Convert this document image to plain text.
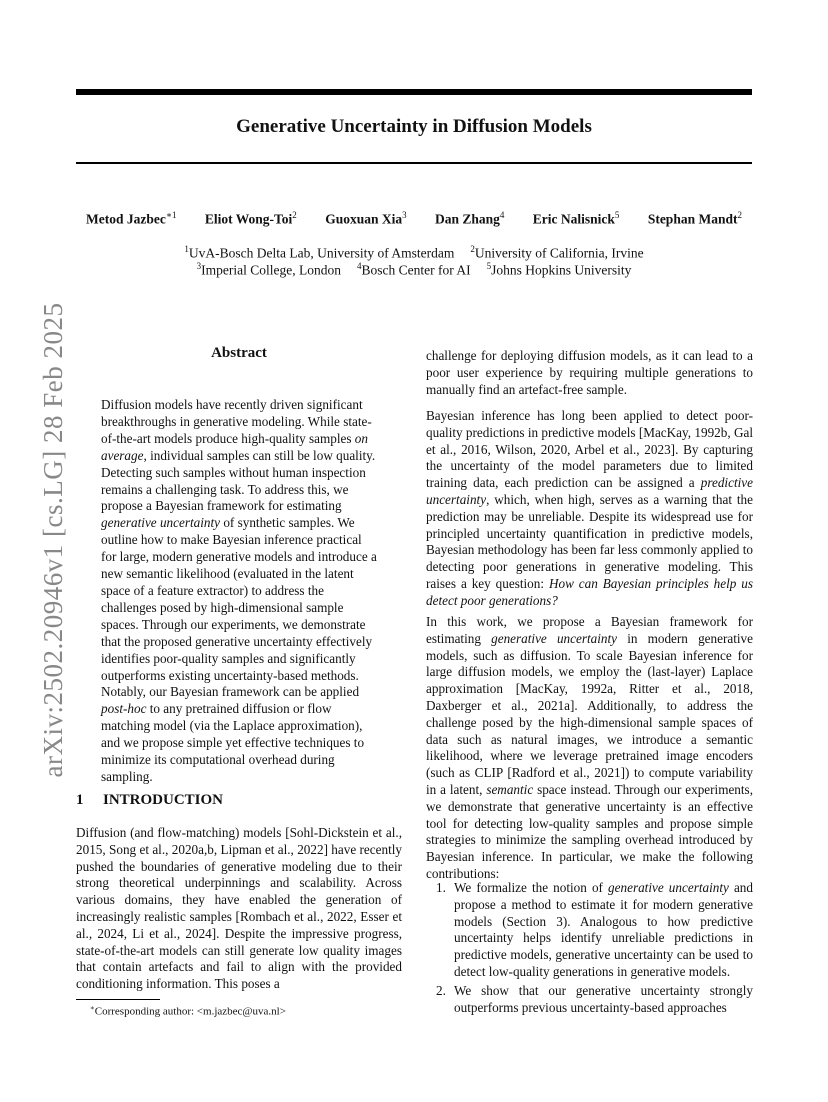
arXiv:2502.20946v1 [cs.LG] 28 Feb 2025
Generative Uncertainty in Diffusion Models
Metod Jazbec$^{∗1}$ Eliot Wong-Toi$^2$ Guoxuan Xia$^3$ Dan Zhang$^4$ Eric Nalisnick$^5$ Stephan Mandt$^2$
$^1$UvA-Bosch Delta Lab, University of Amsterdam $^2$University of California, Irvine
$^3$Imperial College, London $^4$Bosch Center for AI $^5$Johns Hopkins University
Abstract
Diffusion models have recently driven significant breakthroughs in generative modeling. While state-of-the-art models produce high-quality samples on average, individual samples can still be low quality. Detecting such samples without human inspection remains a challenging task. To address this, we propose a Bayesian framework for estimating generative uncertainty of synthetic samples. We outline how to make Bayesian inference practical for large, modern generative models and introduce a new semantic likelihood (evaluated in the latent space of a feature extractor) to address the challenges posed by high-dimensional sample spaces. Through our experiments, we demonstrate that the proposed generative uncertainty effectively identifies poor-quality samples and significantly outperforms existing uncertainty-based methods. Notably, our Bayesian framework can be applied post-hoc to any pretrained diffusion or flow matching model (via the Laplace approximation), and we propose simple yet effective techniques to minimize its computational overhead during sampling.
1 INTRODUCTION
Diffusion (and flow-matching) models [Sohl-Dickstein et al., 2015, Song et al., 2020a,b, Lipman et al., 2022] have recently pushed the boundaries of generative modeling due to their strong theoretical underpinnings and scalability. Across various domains, they have enabled the generation of increasingly realistic samples [Rombach et al., 2022, Esser et al., 2024, Li et al., 2024]. Despite the impressive progress, state-of-the-art models can still generate low quality images that contain artefacts and fail to align with the provided conditioning information. This poses a
∗Corresponding author: <m.jazbec@uva.nl>

challenge for deploying diffusion models, as it can lead to a poor user experience by requiring multiple generations to manually find an artefact-free sample.

Bayesian inference has long been applied to detect poor-quality predictions in predictive models [MacKay, 1992b, Gal et al., 2016, Wilson, 2020, Arbel et al., 2023]. By capturing the uncertainty of the model parameters due to limited training data, each prediction can be assigned a predictive uncertainty, which, when high, serves as a warning that the prediction may be unreliable. Despite its widespread use for principled uncertainty quantification in predictive models, Bayesian methodology has been far less commonly applied to detecting poor generations in generative modeling. This raises a key question: How can Bayesian principles help us detect poor generations?

In this work, we propose a Bayesian framework for estimating generative uncertainty in modern generative models, such as diffusion. To scale Bayesian inference for large diffusion models, we employ the (last-layer) Laplace approximation [MacKay, 1992a, Ritter et al., 2018, Daxberger et al., 2021a]. Additionally, to address the challenge posed by the high-dimensional sample spaces of data such as natural images, we introduce a semantic likelihood, where we leverage pretrained image encoders (such as CLIP [Radford et al., 2021]) to compute variability in a latent, semantic space instead. Through our experiments, we demonstrate that generative uncertainty is an effective tool for detecting low-quality samples and propose simple strategies to minimize the sampling overhead introduced by Bayesian inference. In particular, we make the following contributions:

1. We formalize the notion of generative uncertainty and propose a method to estimate it for modern generative models (Section 3). Analogous to how predictive uncertainty helps identify unreliable predictions in predictive models, generative uncertainty can be used to detect low-quality generations in generative models.
2. We show that our generative uncertainty strongly outperforms previous uncertainty-based approaches
